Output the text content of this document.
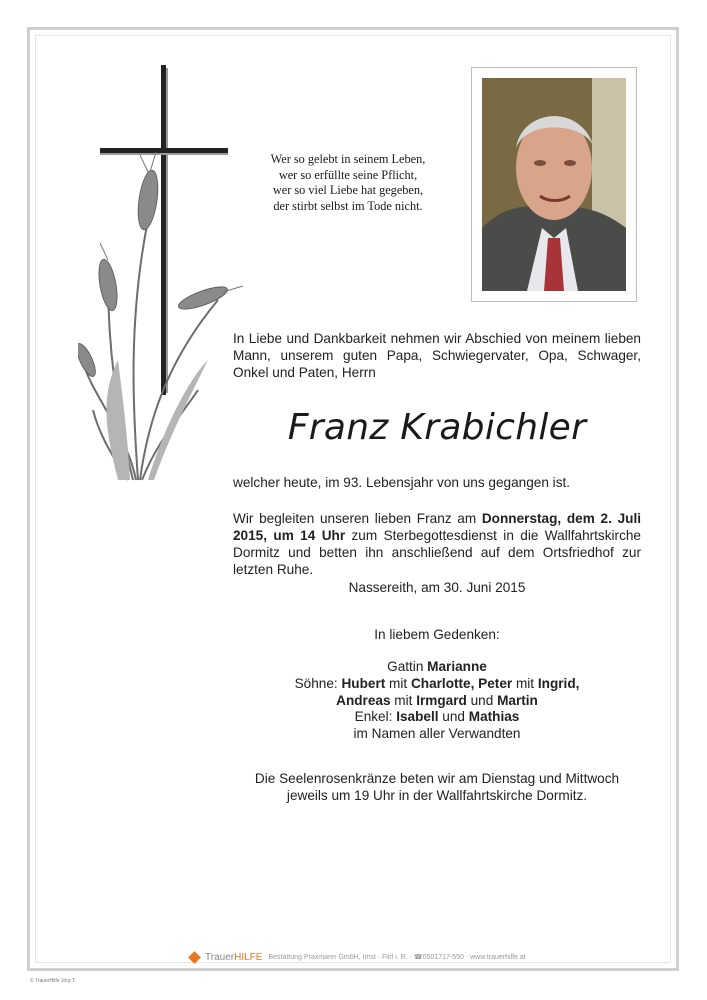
Wer so gelebt in seinem Leben,
wer so erfüllte seine Pflicht,
wer so viel Liebe hat gegeben,
der stirbt selbst im Tode nicht.
In Liebe und Dankbarkeit nehmen wir Abschied von meinem lieben Mann, unserem guten Papa, Schwiegervater, Opa, Schwager, Onkel und Paten, Herrn
Franz Krabichler
welcher heute, im 93. Lebensjahr von uns gegangen ist.
Wir begleiten unseren lieben Franz am Donnerstag, dem 2. Juli 2015, um 14 Uhr zum Sterbegottesdienst in die Wallfahrtskirche Dormitz und betten ihn anschließend auf dem Ortsfriedhof zur letzten Ruhe.
Nassereith, am 30. Juni 2015
In liebem Gedenken:
Gattin Marianne
Söhne: Hubert mit Charlotte, Peter mit Ingrid,
Andreas mit Irmgard und Martin
Enkel: Isabell und Mathias
im Namen aller Verwandten
Die Seelenrosenkränze beten wir am Dienstag und Mittwoch jeweils um 19 Uhr in der Wallfahrtskirche Dormitz.
TrauerHILFE Bestattung Praxmarer GmbH, Imst · Flirl i. R. · ☎0501717-550 · www.trauerhilfe.at
© TrauerHilfe Jörg T.
